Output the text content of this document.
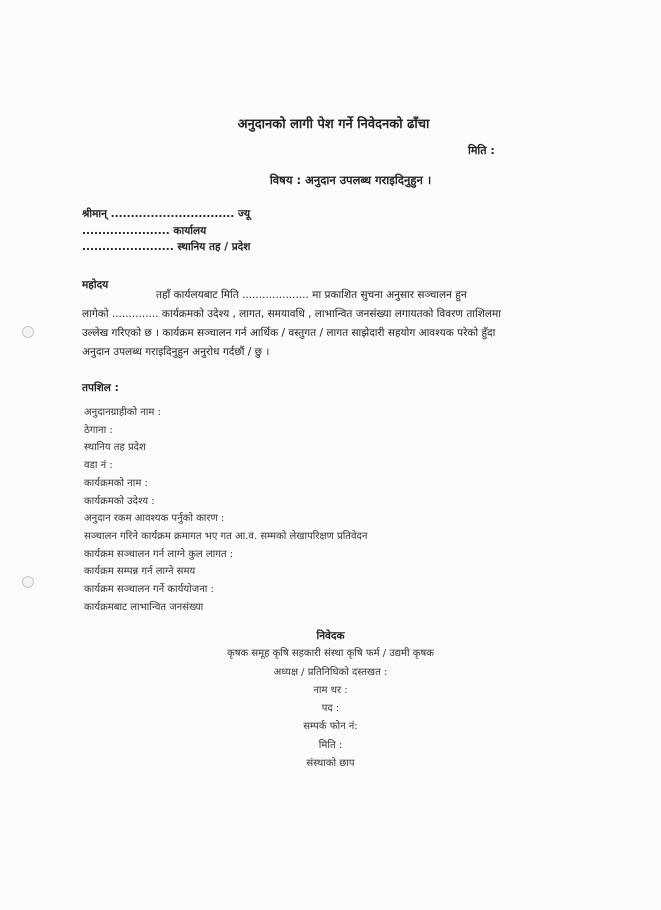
अनुदानको लागी पेश गर्ने निवेदनको ढाँचा
मिति :
विषय : अनुदान उपलब्ध गराइदिनुहुन ।
श्रीमान् ............................... ज्यू
...................... कार्यालय
....................... स्थानिय तह / प्रदेश
महोदय

तहाँ कार्यलयबाट मिति .................... मा प्रकाशित सुचना अनुसार सञ्चालन हुन

लागेको .............. कार्यक्रमको उदेश्य , लागत, समयावधि , लाभान्वित जनसंख्या लगायतको विवरण ताशिलमा

उल्लेख गरिएको छ । कार्यक्रम सञ्चालन गर्न आर्थिक / वस्तुगत / लागत साझेदारी सहयोग आवश्यक परेको हुँदा

अनुदान उपलब्ध गराइदिनुहुन अनुरोध गर्दछौं / छु ।

तपशिल :
अनुदानग्राहीको नाम :
ठेगाना :
स्थानिय तह प्रदेश
वडा नं :
कार्यक्रमको नाम :
कार्यक्रमको उदेश्य :
अनुदान रकम आवश्यक पर्नुको कारण :
सञ्चालन गरिने कार्यक्रम क्रमागत भए गत आ.व. सम्मको लेखापरिक्षण प्रतिवेदन
कार्यक्रम सञ्चालन गर्न लाग्ने कुल लागत :
कार्यक्रम सम्पन्न गर्न लाग्ने समय
कार्यक्रम सञ्चालन गर्ने कार्ययोजना :
कार्यक्रमबाट लाभान्वित जनसंख्या
निवेदक
कृषक समूह कृषि सहकारी संस्था कृषि फर्म / उद्यमी कृषक
अध्यक्ष / प्रतिनिधिको दस्तखत :
नाम थर :
पद :
सम्पर्क फोन नं:
मिति :
संस्थाको छाप
